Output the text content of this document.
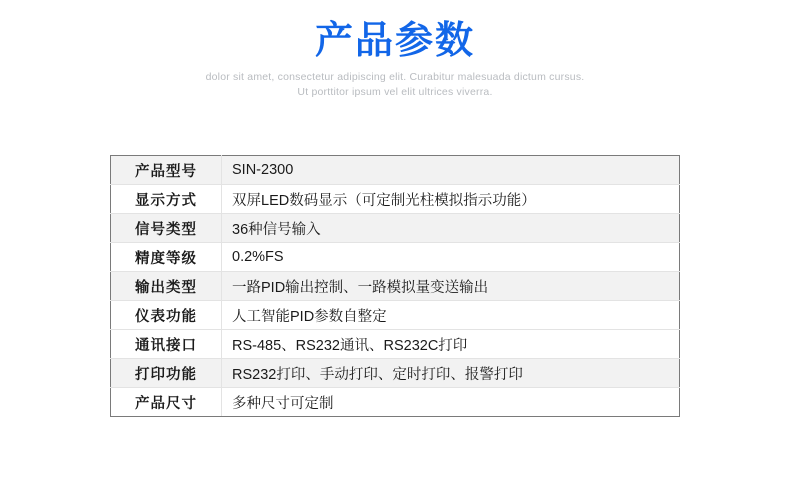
产品参数
dolor sit amet, consectetur adipiscing elit. Curabitur malesuada dictum cursus.
Ut porttitor ipsum vel elit ultrices viverra.
产品型号	SIN-2300
显示方式	双屏LED数码显示（可定制光柱模拟指示功能）
信号类型	36种信号输入
精度等级	0.2%FS
输出类型	一路PID输出控制、一路模拟量变送输出
仪表功能	人工智能PID参数自整定
通讯接口	RS-485、RS232通讯、RS232C打印
打印功能	RS232打印、手动打印、定时打印、报警打印
产品尺寸	多种尺寸可定制
